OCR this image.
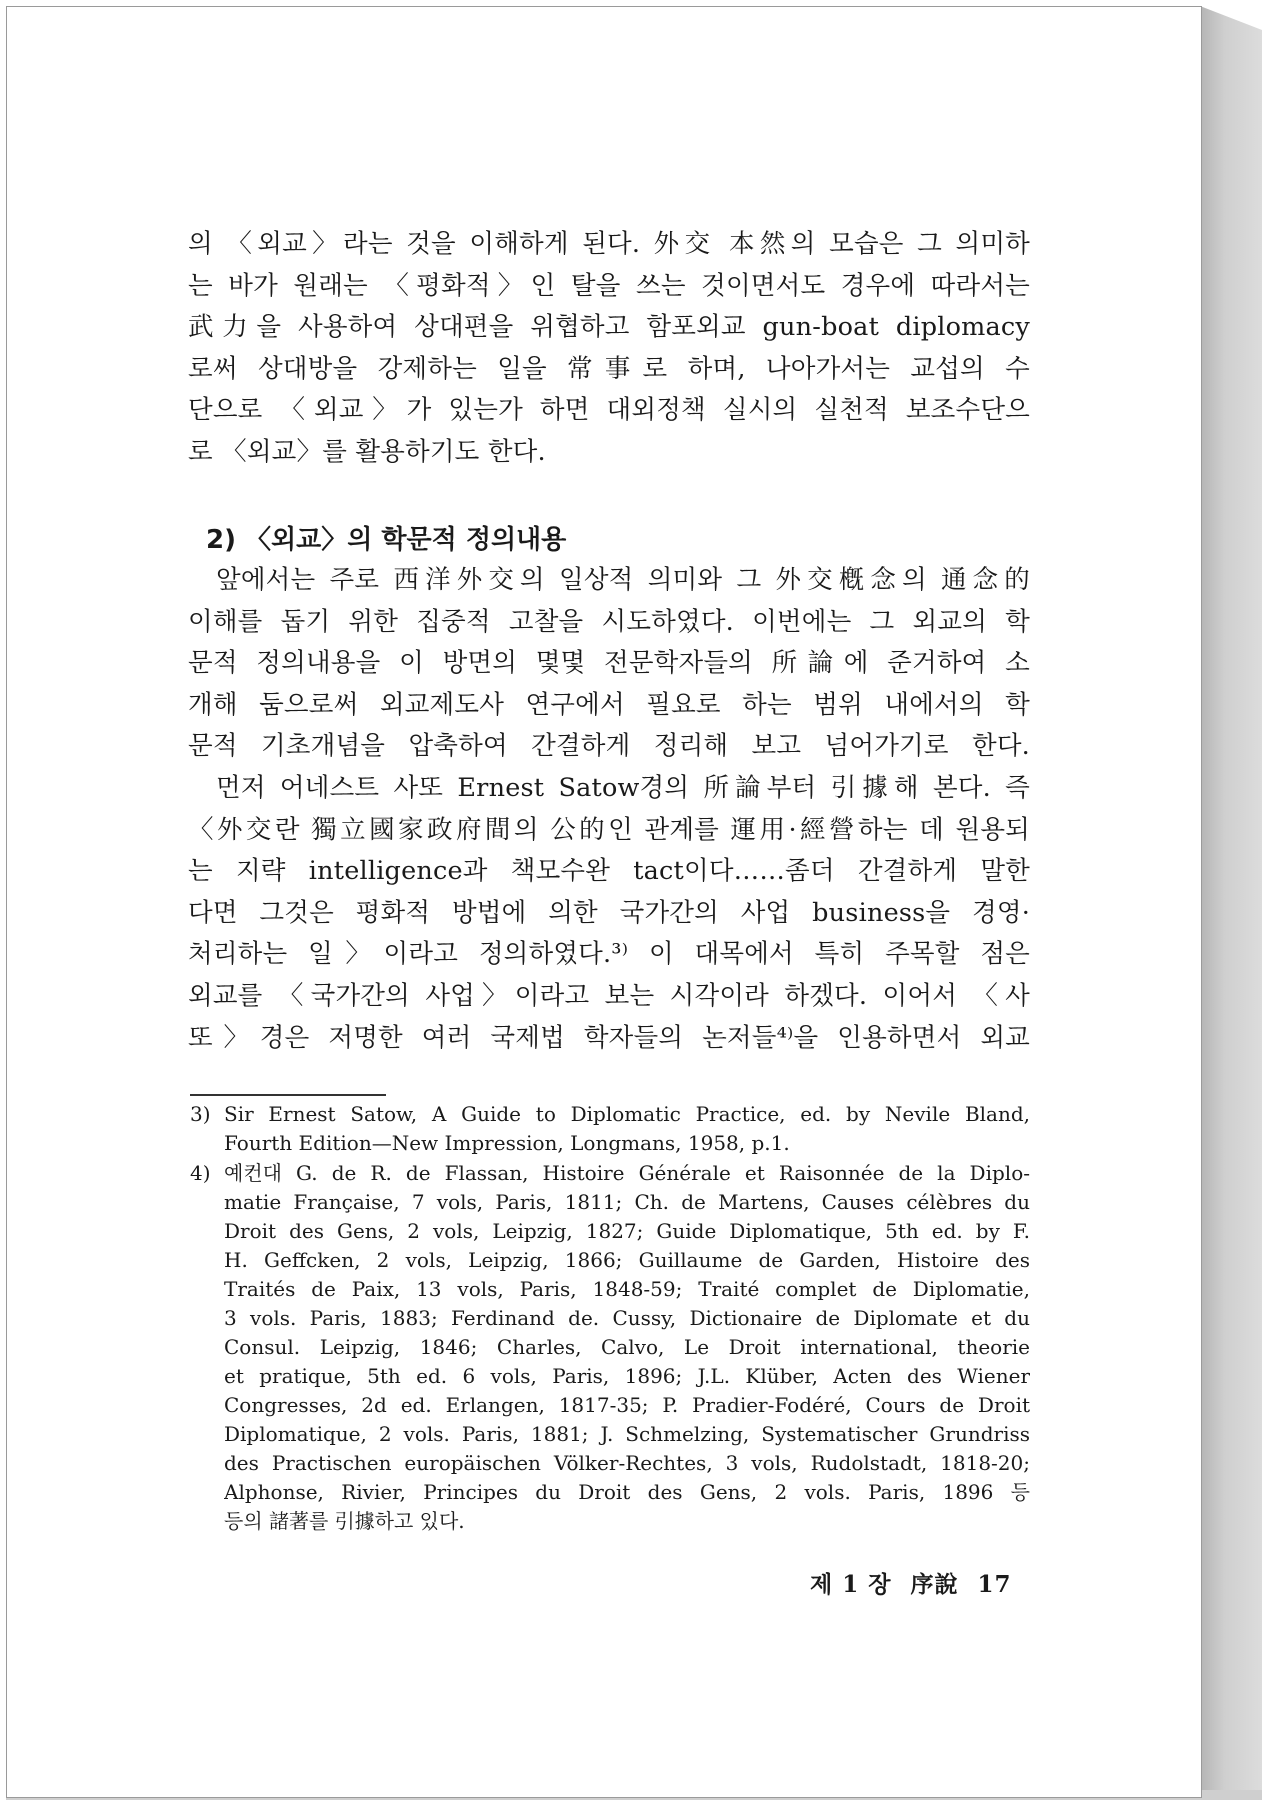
의 〈외교〉라는 것을 이해하게 된다. 外交 本然의 모습은 그 의미하
는 바가 원래는 〈평화적〉인 탈을 쓰는 것이면서도 경우에 따라서는
武力을 사용하여 상대편을 위협하고 함포외교 gun-boat diplomacy
로써 상대방을 강제하는 일을 常事로 하며, 나아가서는 교섭의 수
단으로 〈외교〉가 있는가 하면 대외정책 실시의 실천적 보조수단으
로 〈외교〉를 활용하기도 한다.
2) 〈외교〉의 학문적 정의내용
앞에서는 주로 西洋外交의 일상적 의미와 그 外交槪念의 通念的
이해를 돕기 위한 집중적 고찰을 시도하였다. 이번에는 그 외교의 학
문적 정의내용을 이 방면의 몇몇 전문학자들의 所論에 준거하여 소
개해 둠으로써 외교제도사 연구에서 필요로 하는 범위 내에서의 학
문적 기초개념을 압축하여 간결하게 정리해 보고 넘어가기로 한다.
먼저 어네스트 사또 Ernest Satow경의 所論부터 引據해 본다. 즉
〈外交란 獨立國家政府間의 公的인 관계를 運用·經營하는 데 원용되
는 지략 intelligence과 책모수완 tact이다……좀더 간결하게 말한
다면 그것은 평화적 방법에 의한 국가간의 사업 business을 경영·
처리하는 일〉이라고 정의하였다.³⁾ 이 대목에서 특히 주목할 점은
외교를 〈국가간의 사업〉이라고 보는 시각이라 하겠다. 이어서 〈사
또〉경은 저명한 여러 국제법 학자들의 논저들⁴⁾을 인용하면서 외교
3) Sir Ernest Satow, A Guide to Diplomatic Practice, ed. by Nevile Bland,
Fourth Edition—New Impression, Longmans, 1958, p.1.
4) 예컨대 G. de R. de Flassan, Histoire Générale et Raisonnée de la Diplo-
matie Française, 7 vols, Paris, 1811; Ch. de Martens, Causes célèbres du
Droit des Gens, 2 vols, Leipzig, 1827; Guide Diplomatique, 5th ed. by F.
H. Geffcken, 2 vols, Leipzig, 1866; Guillaume de Garden, Histoire des
Traités de Paix, 13 vols, Paris, 1848-59; Traité complet de Diplomatie,
3 vols. Paris, 1883; Ferdinand de. Cussy, Dictionaire de Diplomate et du
Consul. Leipzig, 1846; Charles, Calvo, Le Droit international, theorie
et pratique, 5th ed. 6 vols, Paris, 1896; J.L. Klüber, Acten des Wiener
Congresses, 2d ed. Erlangen, 1817-35; P. Pradier-Fodéré, Cours de Droit
Diplomatique, 2 vols. Paris, 1881; J. Schmelzing, Systematischer Grundriss
des Practischen europäischen Völker-Rechtes, 3 vols, Rudolstadt, 1818-20;
Alphonse, Rivier, Principes du Droit des Gens, 2 vols. Paris, 1896 등
등의 諸著를 引據하고 있다.
제 1 장 序說 17
